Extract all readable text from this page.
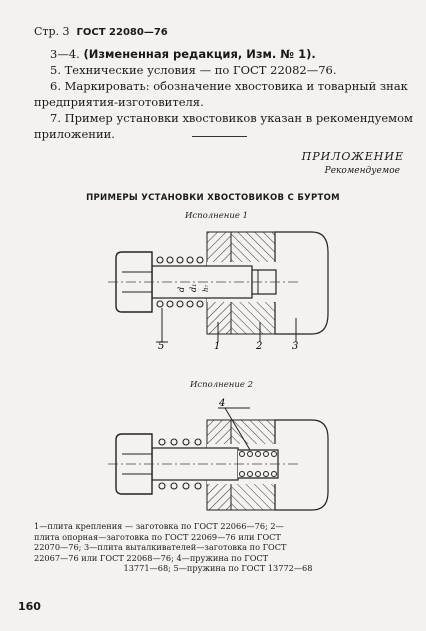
Стр. 3 ГОСТ 22080—76
3—4. (Измененная редакция, Изм. № 1).
5. Технические условия — по ГОСТ 22082—76.
6. Маркировать: обозначение хвостовика и товарный знак
предприятия-изготовителя.
7. Пример установки хвостовиков указан в рекомендуемом
приложении.
ПРИЛОЖЕНИЕ
Рекомендуемое
ПРИМЕРЫ УСТАНОВКИ ХВОСТОВИКОВ С БУРТОМ
Исполнение 1
d d₁ h₇
5	1	2	3
Исполнение 2
4
1—плита крепления — заготовка по ГОСТ 22066—76; 2—
плита опорная—заготовка по ГОСТ 22069—76 или ГОСТ
22070—76; 3—плита выталкивателей—заготовка по ГОСТ
22067—76 или ГОСТ 22068—76; 4—пружина по ГОСТ
13771—68; 5—пружина по ГОСТ 13772—68
160
